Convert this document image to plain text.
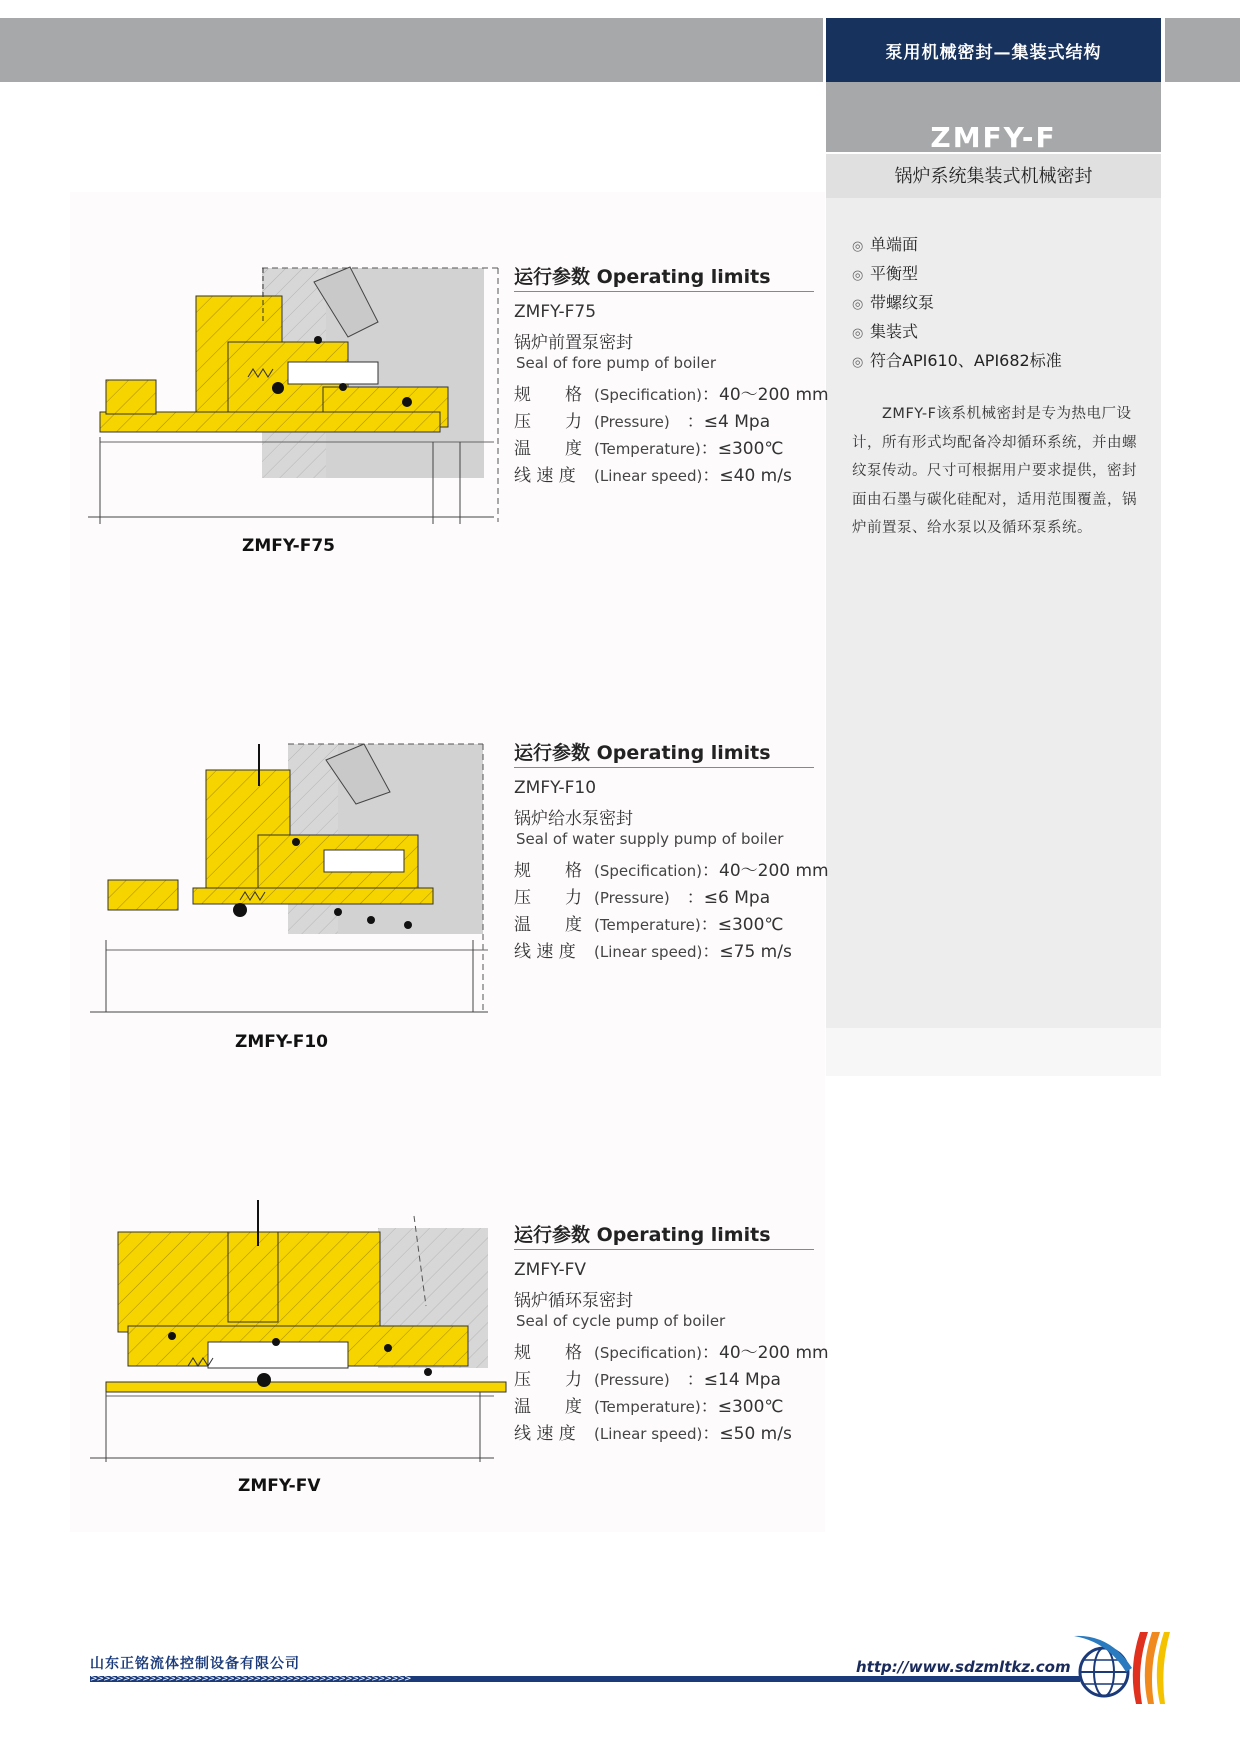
泵用机械密封—集装式结构
ZMFY-F
锅炉系统集装式机械密封
◎ 单端面
◎ 平衡型
◎ 带螺纹泵
◎ 集装式
◎ 符合API610、API682标准
ZMFY-F该系机械密封是专为热电厂设计，所有形式均配备冷却循环系统，并由螺纹泵传动。尺寸可根据用户要求提供，密封面由石墨与碳化硅配对，适用范围覆盖，锅炉前置泵、给水泵以及循环泵系统。
ZMFY-F75
运行参数 Operating limits
ZMFY-F75
锅炉前置泵密封
Seal of fore pump of boiler
规　　格 (Specification)：40～200 mm
压　　力 (Pressure)　：≤4 Mpa
温　　度 (Temperature)：≤300℃
线 速 度 (Linear speed)：≤40 m/s
ZMFY-F10
运行参数 Operating limits
ZMFY-F10
锅炉给水泵密封
Seal of water supply pump of boiler
规　　格 (Specification)：40～200 mm
压　　力 (Pressure)　：≤6 Mpa
温　　度 (Temperature)：≤300℃
线 速 度 (Linear speed)：≤75 m/s
ZMFY-FV
运行参数 Operating limits
ZMFY-FV
锅炉循环泵密封
Seal of cycle pump of boiler
规　　格 (Specification)：40～200 mm
压　　力 (Pressure)　：≤14 Mpa
温　　度 (Temperature)：≤300℃
线 速 度 (Linear speed)：≤50 m/s
山东正铭流体控制设备有限公司	http://www.sdzmltkz.com
>>>>>>>>>>>>>>>>>>>>>>>>>>>>>>>>>>>>>>>>>>>>>>>>>
